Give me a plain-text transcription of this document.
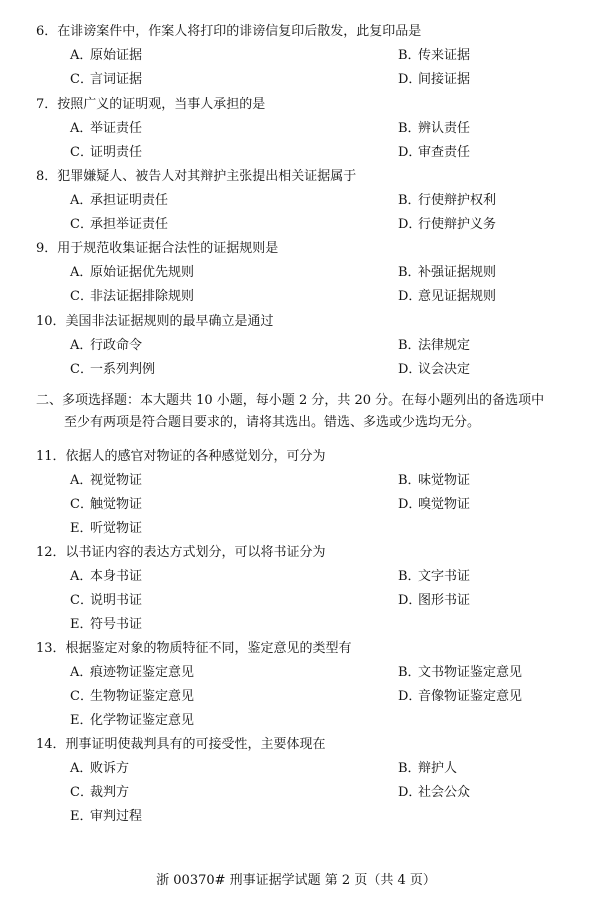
6．在诽谤案件中，作案人将打印的诽谤信复印后散发，此复印品是
A．原始证据	B．传来证据
C．言词证据	D．间接证据
7．按照广义的证明观，当事人承担的是
A．举证责任	B．辨认责任
C．证明责任	D．审查责任
8．犯罪嫌疑人、被告人对其辩护主张提出相关证据属于
A．承担证明责任	B．行使辩护权利
C．承担举证责任	D．行使辩护义务
9．用于规范收集证据合法性的证据规则是
A．原始证据优先规则	B．补强证据规则
C．非法证据排除规则	D．意见证据规则
10．美国非法证据规则的最早确立是通过
A．行政命令	B．法律规定
C．一系列判例	D．议会决定
二、多项选择题：本大题共 10 小题，每小题 2 分，共 20 分。在每小题列出的备选项中
至少有两项是符合题目要求的，请将其选出。错选、多选或少选均无分。
11．依据人的感官对物证的各种感觉划分，可分为
A．视觉物证	B．味觉物证
C．触觉物证	D．嗅觉物证
E．听觉物证
12．以书证内容的表达方式划分，可以将书证分为
A．本身书证	B．文字书证
C．说明书证	D．图形书证
E．符号书证
13．根据鉴定对象的物质特征不同，鉴定意见的类型有
A．痕迹物证鉴定意见	B．文书物证鉴定意见
C．生物物证鉴定意见	D．音像物证鉴定意见
E．化学物证鉴定意见
14．刑事证明使裁判具有的可接受性，主要体现在
A．败诉方	B．辩护人
C．裁判方	D．社会公众
E．审判过程
浙 00370# 刑事证据学试题 第 2 页（共 4 页）
